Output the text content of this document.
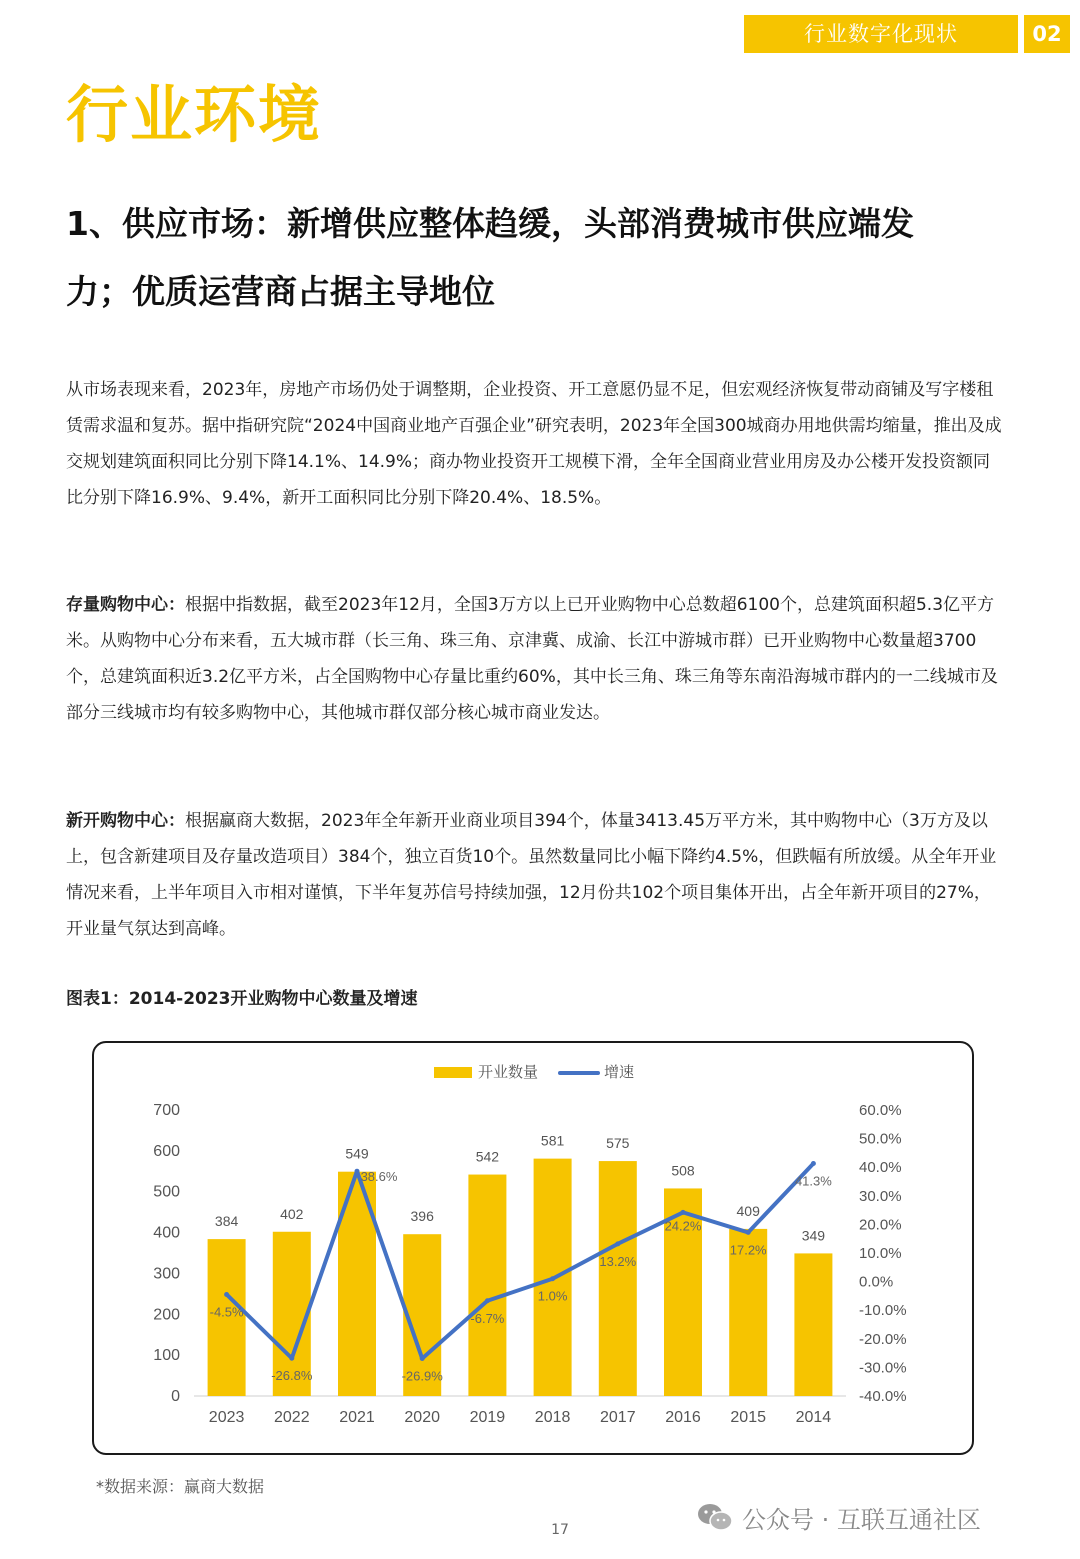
行业数字化现状	02
行业环境
1、供应市场：新增供应整体趋缓，头部消费城市供应端发
力；优质运营商占据主导地位

从市场表现来看，2023年，房地产市场仍处于调整期，企业投资、开工意愿仍显不足，但宏观经济恢复带动商铺及写字楼租赁需求温和复苏。据中指研究院“2024中国商业地产百强企业”研究表明，2023年全国300城商办用地供需均缩量，推出及成交规划建筑面积同比分别下降14.1%、14.9%；商办物业投资开工规模下滑，全年全国商业营业用房及办公楼开发投资额同比分别下降16.9%、9.4%，新开工面积同比分别下降20.4%、18.5%。

存量购物中心：根据中指数据，截至2023年12月，全国3万方以上已开业购物中心总数超6100个，总建筑面积超5.3亿平方米。从购物中心分布来看，五大城市群（长三角、珠三角、京津冀、成渝、长江中游城市群）已开业购物中心数量超3700个，总建筑面积近3.2亿平方米，占全国购物中心存量比重约60%，其中长三角、珠三角等东南沿海城市群内的一二线城市及部分三线城市均有较多购物中心，其他城市群仅部分核心城市商业发达。

新开购物中心：根据赢商大数据，2023年全年新开业商业项目394个，体量3413.45万平方米，其中购物中心（3万方及以上，包含新建项目及存量改造项目）384个，独立百货10个。虽然数量同比小幅下降约4.5%，但跌幅有所放缓。从全年开业情况来看，上半年项目入市相对谨慎，下半年复苏信号持续加强，12月份共102个项目集体开出，占全年新开项目的27%，开业量气氛达到高峰。

图表1：2014-2023开业购物中心数量及增速

开业数量	增速
0
100
200
300
400
500
600
700
-40.0%
-30.0%
-20.0%
-10.0%
0.0%
10.0%
20.0%
30.0%
40.0%
50.0%
60.0%
384
2023
402
2022
549
2021
396
2020
542
2019
581
2018
575
2017
508
2016
409
2015
349
2014
-4.5%
-26.8%
38.6%
-26.9%
-6.7%
1.0%
13.2%
24.2%
17.2%
41.3%

*数据来源：赢商大数据

17	公众号 · 互联互通社区
